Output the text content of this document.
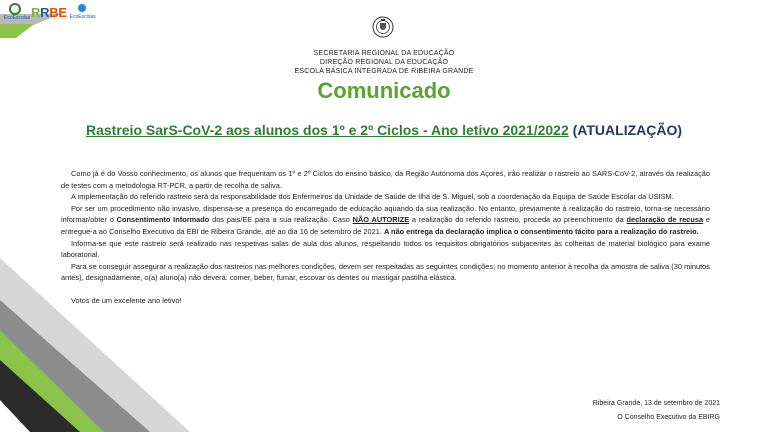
EcoEscolas RRBE EcoEscolas
SECRETARIA REGIONAL DA EDUCAÇÃO
DIREÇÃO REGIONAL DA EDUCAÇÃO
ESCOLA BÁSICA INTEGRADA DE RIBEIRA GRANDE
Comunicado
Rastreio SarS-CoV-2 aos alunos dos 1º e 2º Ciclos - Ano letivo 2021/2022 (ATUALIZAÇÃO)

Como já é do Vosso conhecimento, os alunos que frequentam os 1º e 2º Ciclos do ensino básico, da Região Autónoma dos Açores, irão realizar o rastreio ao SARS-CoV-2, através da realização de testes com a metodologia RT-PCR, a partir de recolha de saliva.

A implementação do referido rastreio será da responsabilidade dos Enfermeiros da Unidade de Saúde de Ilha de S. Miguel, sob a coordenação da Equipa de Saúde Escolar da USISM.

Por ser um procedimento não invasivo, dispensa-se a presença do encarregado de educação aquando da sua realização. No entanto, previamente à realização do rastreio, torna-se necessário informar/obter o Consentimento Informado dos pais/EE para a sua realização. Caso NÃO AUTORIZE a realização do referido rastreio, proceda ao preenchimento da declaração de recusa e entregue-a ao Conselho Executivo da EBI de Ribeira Grande, até ao dia 16 de setembro de 2021. A não entrega da declaração implica o consentimento tácito para a realização do rastreio.

Informa-se que este rastreio será realizado nas respetivas salas de aula dos alunos, respeitando todos os requisitos obrigatórios subjacentes às colheitas de material biológico para exame laboratorial.

Para se conseguir assegurar a realização dos rastreios nas melhores condições, devem ser respeitadas as seguintes condições, no momento anterior à recolha da amostra de saliva (30 minutos antes), designadamente, o(a) aluno(a) não deverá: comer, beber, fumar, escovar os dentes ou mastigar pastilha elástica.

Votos de um excelente ano letivo!

Ribeira Grande, 13 de setembro de 2021
O Conselho Executivo da EBIRG
